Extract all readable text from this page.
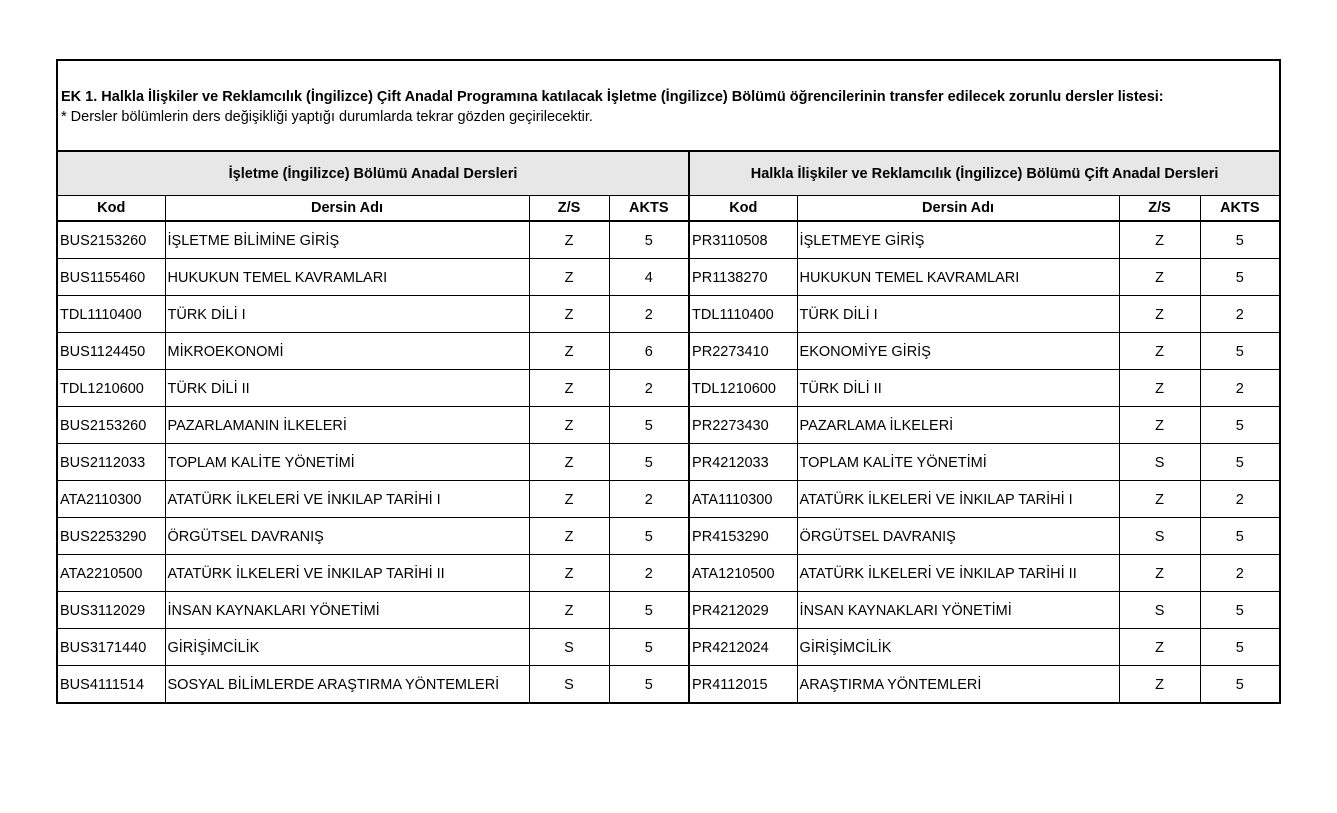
EK 1. Halkla İlişkiler ve Reklamcılık (İngilizce) Çift Anadal Programına katılacak İşletme (İngilizce) Bölümü öğrencilerinin transfer edilecek zorunlu dersler listesi:
* Dersler bölümlerin ders değişikliği yaptığı durumlarda tekrar gözden geçirilecektir.
İşletme (İngilizce) Bölümü Anadal Dersleri				Halkla İlişkiler ve Reklamcılık (İngilizce) Bölümü Çift Anadal Dersleri			
Kod	Dersin Adı	Z/S	AKTS	Kod	Dersin Adı	Z/S	AKTS
BUS2153260	İŞLETME BİLİMİNE GİRİŞ	Z	5	PR3110508	İŞLETMEYE GİRİŞ	Z	5
BUS1155460	HUKUKUN TEMEL KAVRAMLARI	Z	4	PR1138270	HUKUKUN TEMEL KAVRAMLARI	Z	5
TDL1110400	TÜRK DİLİ I	Z	2	TDL1110400	TÜRK DİLİ I	Z	2
BUS1124450	MİKROEKONOMİ	Z	6	PR2273410	EKONOMİYE GİRİŞ	Z	5
TDL1210600	TÜRK DİLİ II	Z	2	TDL1210600	TÜRK DİLİ II	Z	2
BUS2153260	PAZARLAMANIN İLKELERİ	Z	5	PR2273430	PAZARLAMA İLKELERİ	Z	5
BUS2112033	TOPLAM KALİTE YÖNETİMİ	Z	5	PR4212033	TOPLAM KALİTE YÖNETİMİ	S	5
ATA2110300	ATATÜRK İLKELERİ VE İNKILAP TARİHİ I	Z	2	ATA1110300	ATATÜRK İLKELERİ VE İNKILAP TARİHİ I	Z	2
BUS2253290	ÖRGÜTSEL DAVRANIŞ	Z	5	PR4153290	ÖRGÜTSEL DAVRANIŞ	S	5
ATA2210500	ATATÜRK İLKELERİ VE İNKILAP TARİHİ II	Z	2	ATA1210500	ATATÜRK İLKELERİ VE İNKILAP TARİHİ II	Z	2
BUS3112029	İNSAN KAYNAKLARI YÖNETİMİ	Z	5	PR4212029	İNSAN KAYNAKLARI YÖNETİMİ	S	5
BUS3171440	GİRİŞİMCİLİK	S	5	PR4212024	GİRİŞİMCİLİK	Z	5
BUS4111514	SOSYAL BİLİMLERDE ARAŞTIRMA YÖNTEMLERİ	S	5	PR4112015	ARAŞTIRMA YÖNTEMLERİ	Z	5
